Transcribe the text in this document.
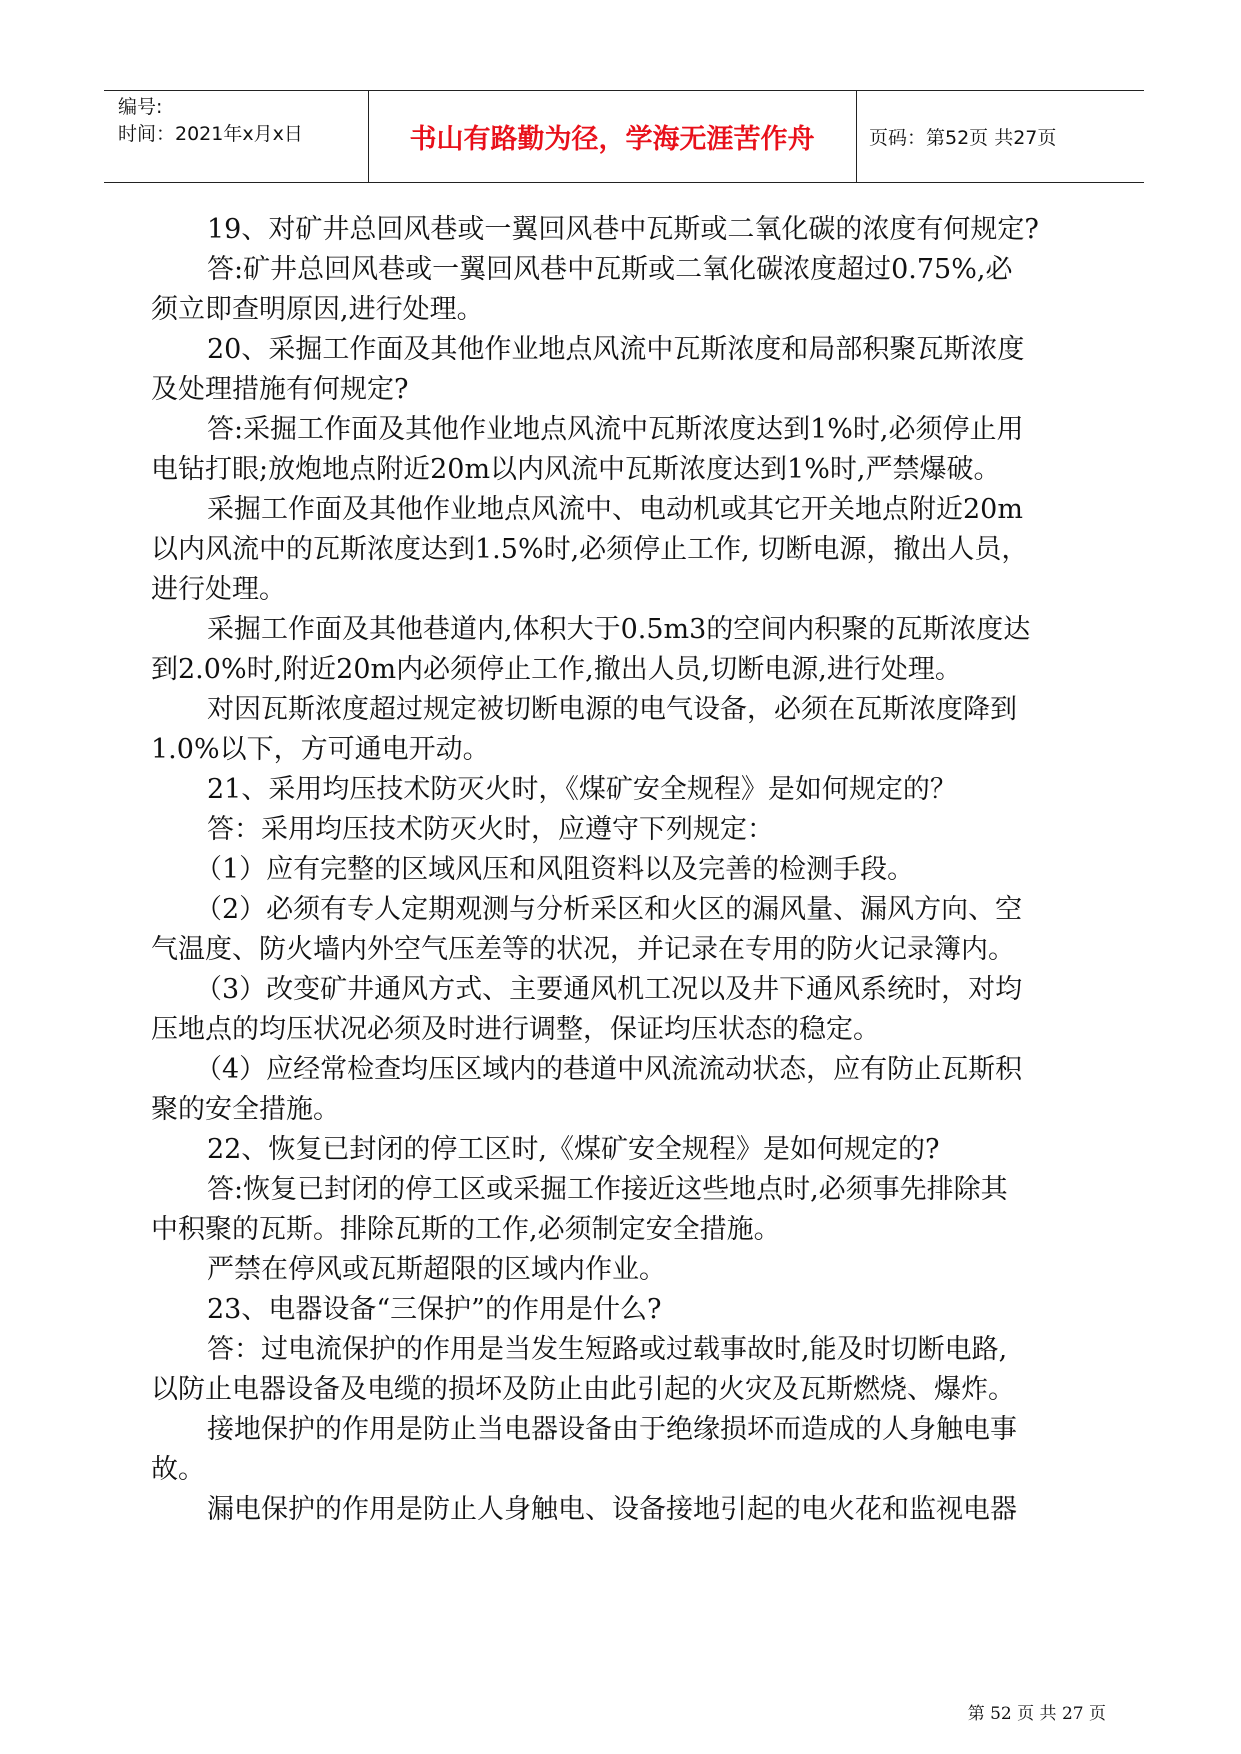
编号:
时间：2021年x月x日	书山有路勤为径，学海无涯苦作舟	页码：第52页 共27页
19、对矿井总回风巷或一翼回风巷中瓦斯或二氧化碳的浓度有何规定?
答:矿井总回风巷或一翼回风巷中瓦斯或二氧化碳浓度超过0.75%,必
须立即查明原因,进行处理。
20、采掘工作面及其他作业地点风流中瓦斯浓度和局部积聚瓦斯浓度
及处理措施有何规定?
答:采掘工作面及其他作业地点风流中瓦斯浓度达到1%时,必须停止用
电钻打眼;放炮地点附近20m以内风流中瓦斯浓度达到1%时,严禁爆破。
采掘工作面及其他作业地点风流中、电动机或其它开关地点附近20m
以内风流中的瓦斯浓度达到1.5%时,必须停止工作, 切断电源，撤出人员，
进行处理。
采掘工作面及其他巷道内,体积大于0.5m3的空间内积聚的瓦斯浓度达
到2.0%时,附近20m内必须停止工作,撤出人员,切断电源,进行处理。
对因瓦斯浓度超过规定被切断电源的电气设备，必须在瓦斯浓度降到
1.0%以下，方可通电开动。
21、采用均压技术防灭火时，《煤矿安全规程》是如何规定的？
答：采用均压技术防灭火时，应遵守下列规定：
（1）应有完整的区域风压和风阻资料以及完善的检测手段。
（2）必须有专人定期观测与分析采区和火区的漏风量、漏风方向、空
气温度、防火墙内外空气压差等的状况，并记录在专用的防火记录簿内。
（3）改变矿井通风方式、主要通风机工况以及井下通风系统时，对均
压地点的均压状况必须及时进行调整，保证均压状态的稳定。
（4）应经常检查均压区域内的巷道中风流流动状态，应有防止瓦斯积
聚的安全措施。
22、恢复已封闭的停工区时,《煤矿安全规程》是如何规定的?
答:恢复已封闭的停工区或采掘工作接近这些地点时,必须事先排除其
中积聚的瓦斯。排除瓦斯的工作,必须制定安全措施。
严禁在停风或瓦斯超限的区域内作业。
23、电器设备“三保护”的作用是什么?
答：过电流保护的作用是当发生短路或过载事故时,能及时切断电路,
以防止电器设备及电缆的损坏及防止由此引起的火灾及瓦斯燃烧、爆炸。
接地保护的作用是防止当电器设备由于绝缘损坏而造成的人身触电事
故。
漏电保护的作用是防止人身触电、设备接地引起的电火花和监视电器
第 52 页 共 27 页
